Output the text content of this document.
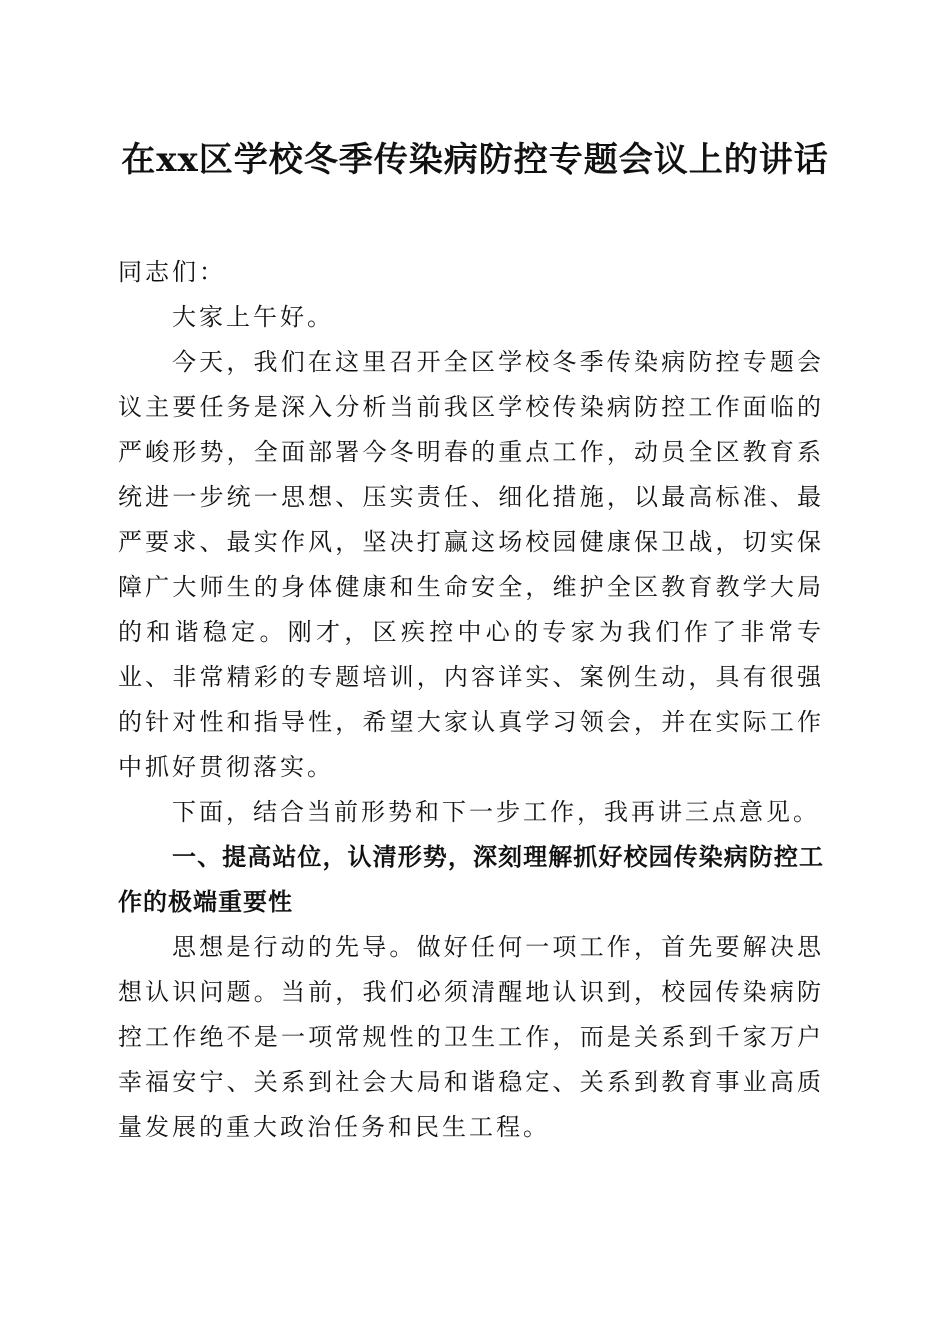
在xx区学校冬季传染病防控专题会议上的讲话

同志们：

大家上午好。

今天，我们在这里召开全区学校冬季传染病防控专题会议主要任务是深入分析当前我区学校传染病防控工作面临的严峻形势，全面部署今冬明春的重点工作，动员全区教育系统进一步统一思想、压实责任、细化措施，以最高标准、最严要求、最实作风，坚决打赢这场校园健康保卫战，切实保障广大师生的身体健康和生命安全，维护全区教育教学大局的和谐稳定。刚才，区疾控中心的专家为我们作了非常专业、非常精彩的专题培训，内容详实、案例生动，具有很强的针对性和指导性，希望大家认真学习领会，并在实际工作中抓好贯彻落实。

下面，结合当前形势和下一步工作，我再讲三点意见。

一、提高站位，认清形势，深刻理解抓好校园传染病防控工作的极端重要性

思想是行动的先导。做好任何一项工作，首先要解决思想认识问题。当前，我们必须清醒地认识到，校园传染病防控工作绝不是一项常规性的卫生工作，而是关系到千家万户幸福安宁、关系到社会大局和谐稳定、关系到教育事业高质量发展的重大政治任务和民生工程。
